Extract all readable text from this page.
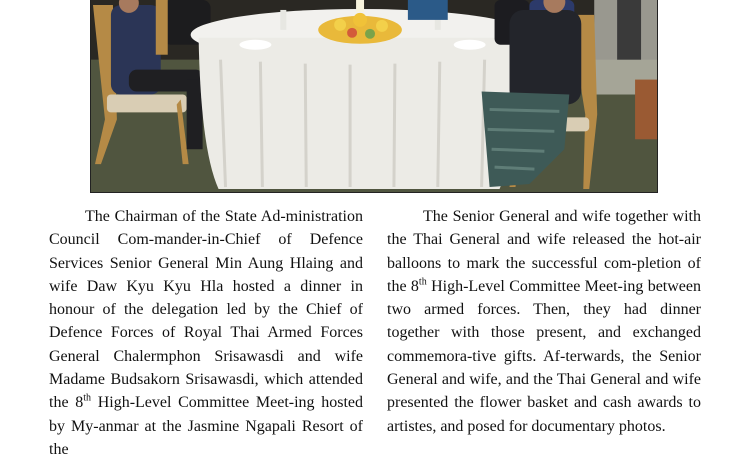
The Chairman of the State Ad-ministration Council Com-mander-in-Chief of Defence Services Senior General Min Aung Hlaing and wife Daw Kyu Kyu Hla hosted a dinner in honour of the delegation led by the Chief of Defence Forces of Royal Thai Armed Forces General Chalermphon Srisawasdi and wife Madame Budsakorn Srisawasdi, which attended the 8th High-Level Committee Meet-ing hosted by My-anmar at the Jasmine Ngapali Resort of the

The Senior General and wife together with the Thai General and wife released the hot-air balloons to mark the successful com-pletion of the 8th High-Level Committee Meet-ing between two armed forces. Then, they had dinner together with those present, and exchanged commemora-tive gifts. Af-terwards, the Senior General and wife, and the Thai General and wife presented the flower basket and cash awards to artistes, and posed for documentary photos.
